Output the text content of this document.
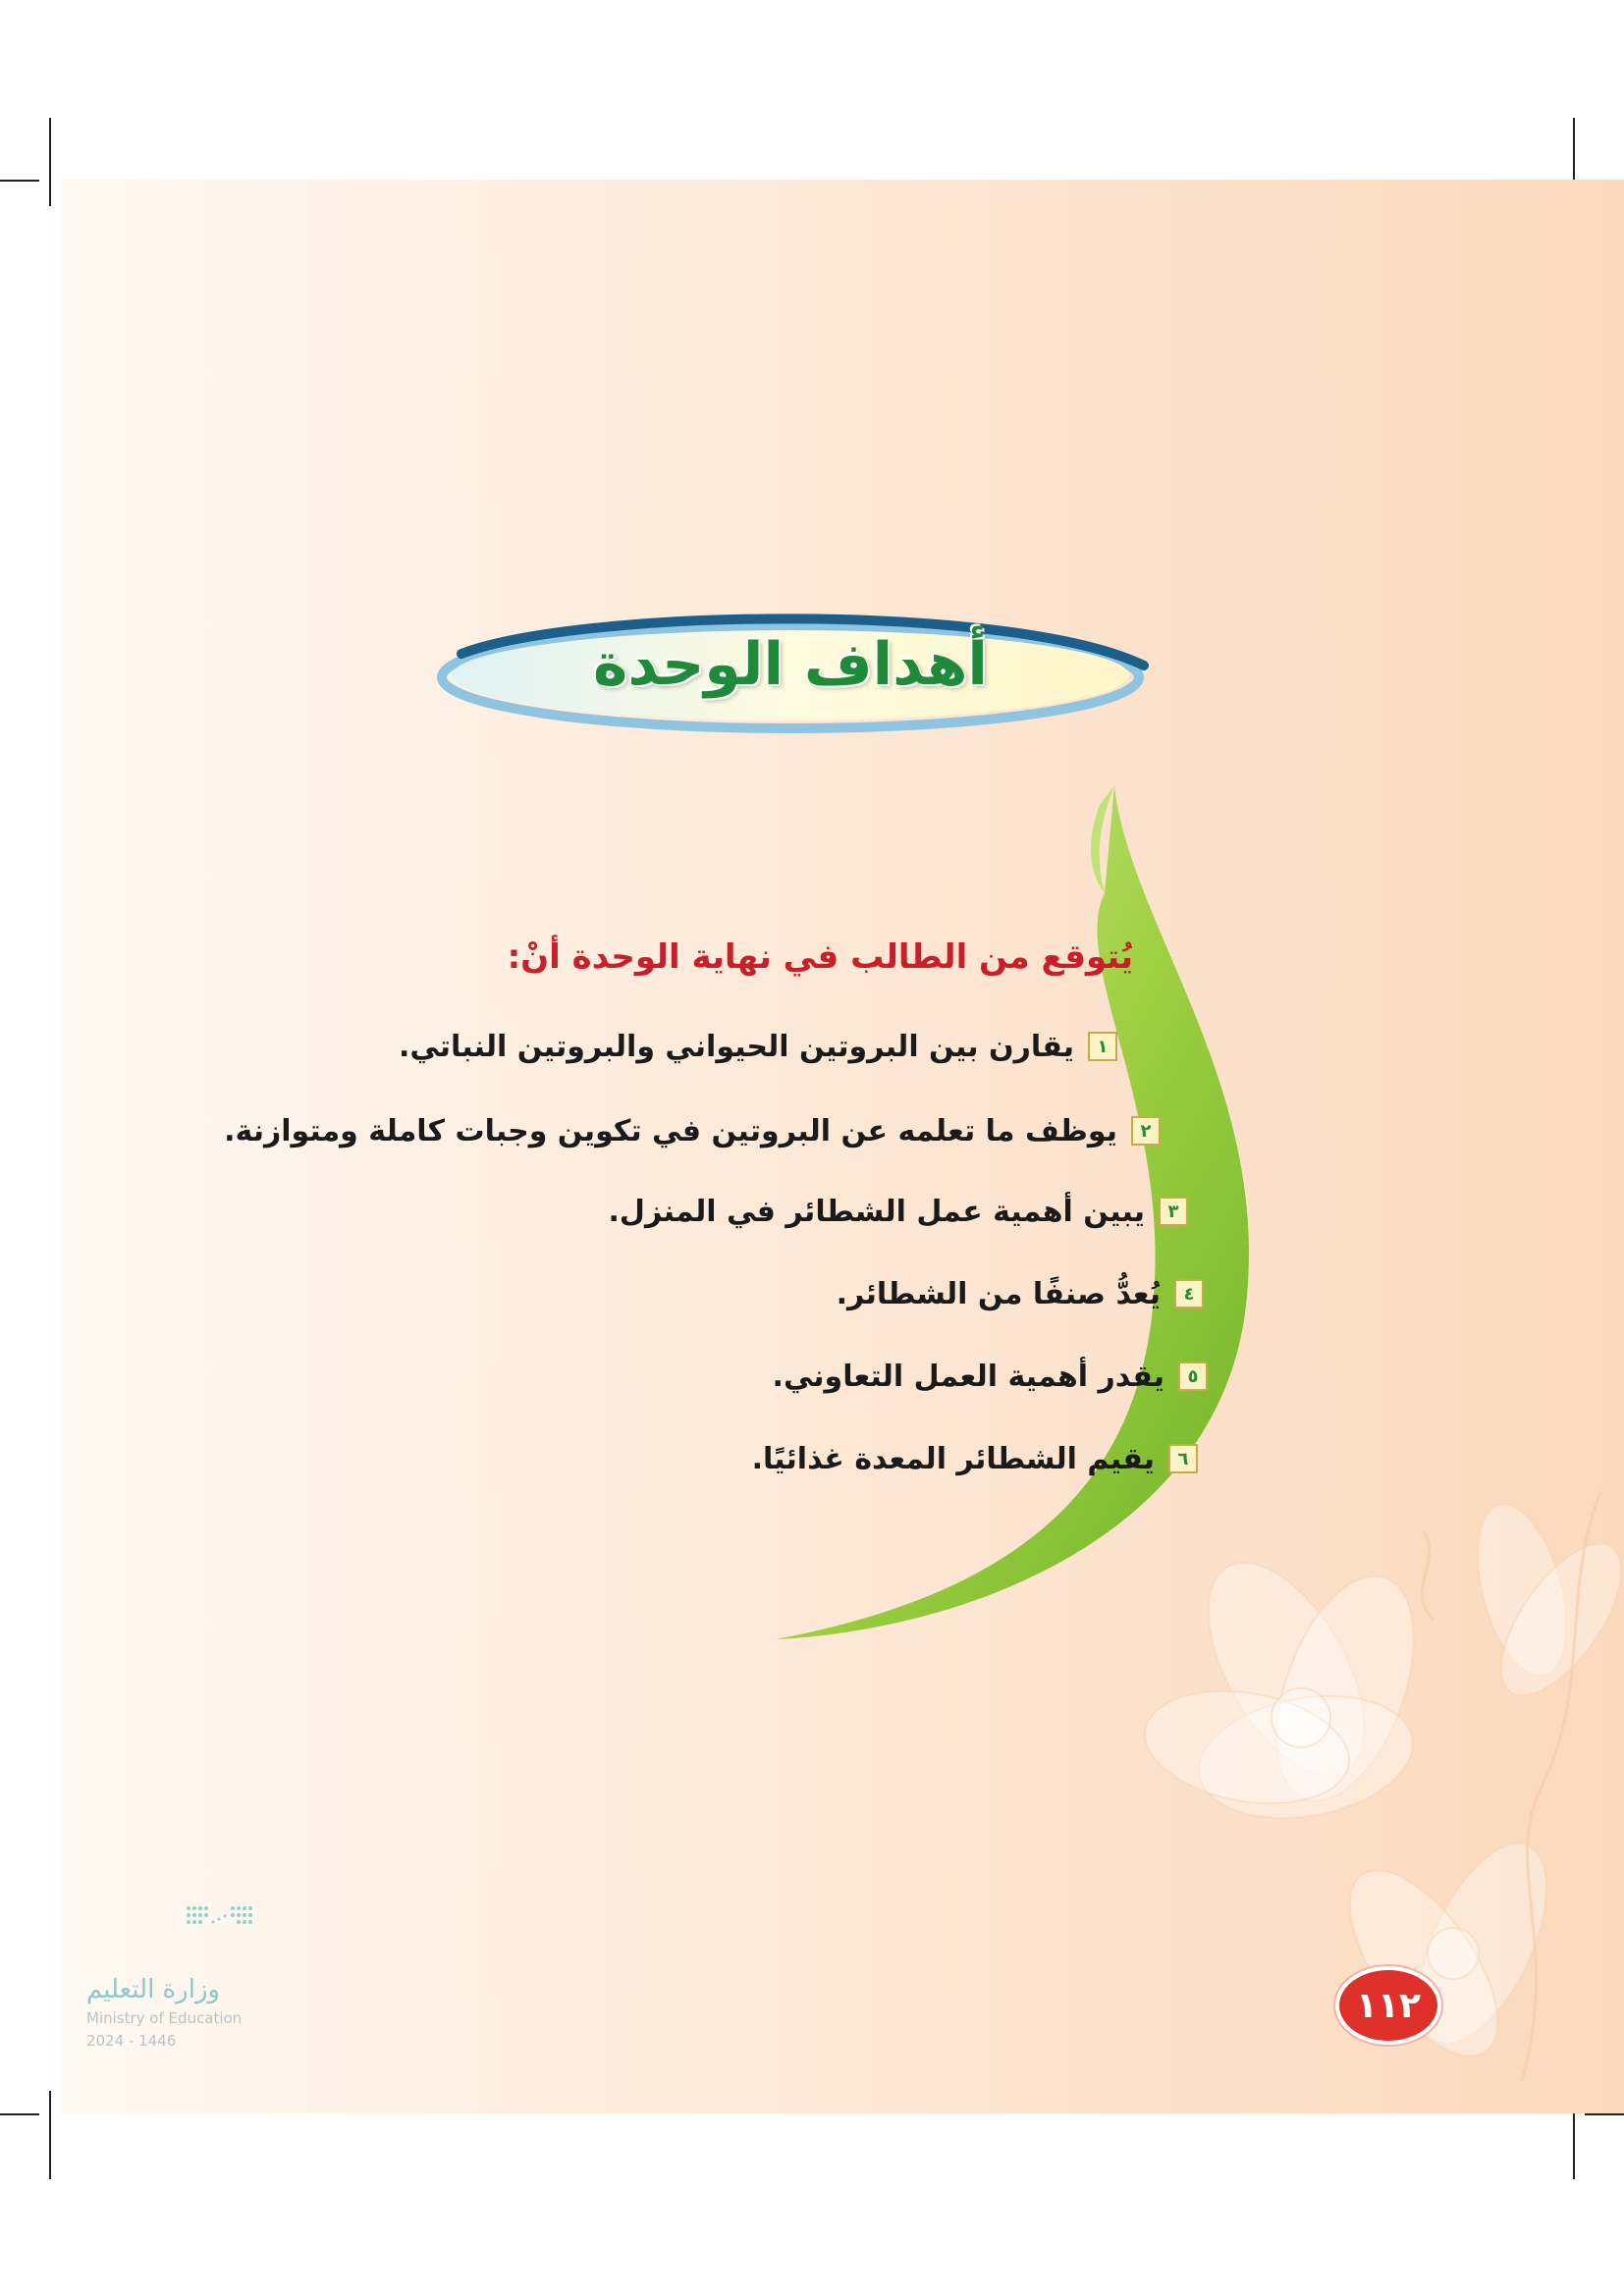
أهداف الوحدة
يُتوقع من الطالب في نهاية الوحدة أنْ:
١
يقارن بين البروتين الحيواني والبروتين النباتي.
٢
يوظف ما تعلمه عن البروتين في تكوين وجبات كاملة ومتوازنة.
٣
يبين أهمية عمل الشطائر في المنزل.
٤
يُعدُّ صنفًا من الشطائر.
٥
يقدر أهمية العمل التعاوني.
٦
يقيم الشطائر المعدة غذائيًا.
وزارة التعليم
Ministry of Education
2024 - 1446
١١٢
